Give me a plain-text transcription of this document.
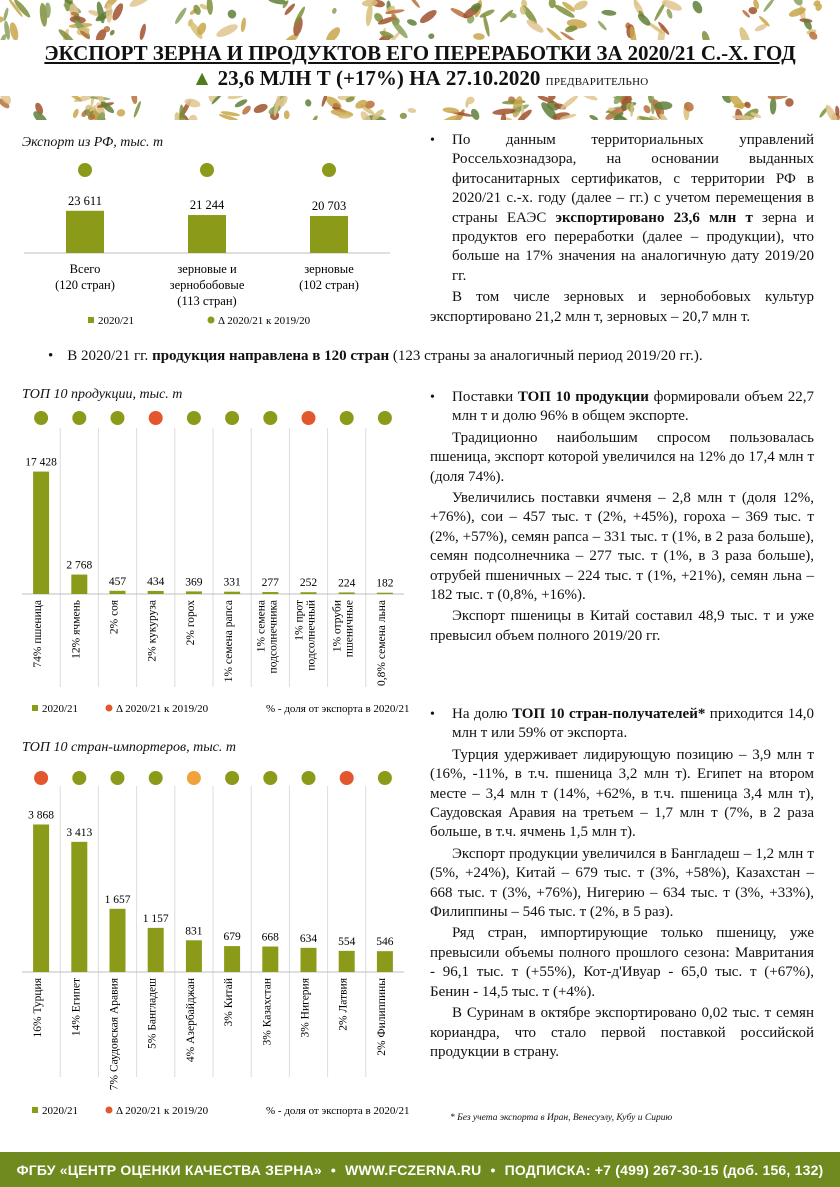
ЭКСПОРТ ЗЕРНА И ПРОДУКТОВ ЕГО ПЕРЕРАБОТКИ ЗА 2020/21 С.-Х. ГОД
▲ 23,6 МЛН Т (+17%) НА 27.10.2020 ПРЕДВАРИТЕЛЬНО
Экспорт из РФ, тыс. т
23 611
Всего
(120 стран)
21 244
зерновые и
зернобобовые
(113 стран)
20 703
зерновые
(102 стран)
2020/21	Δ 2020/21 к 2019/20

•	По данным территориальных управлений Россельхознадзора, на основании выданных фитосанитарных сертификатов, с территории РФ в 2020/21 с.-х. году (далее – гг.) с учетом перемещения в страны ЕАЭС экспортировано 23,6 млн т зерна и продуктов его переработки (далее – продукции), что больше на 17% значения на аналогичную дату 2019/20 гг.

В том числе зерновых и зернобобовых культур экспортировано 21,2 млн т, зерновых – 20,7 млн т.

• В 2020/21 гг. продукция направлена в 120 стран (123 страны за аналогичный период 2019/20 гг.).
ТОП 10 продукции, тыс. т
17 428
74% пшеница
2 768
12% ячмень
457
2% соя
434
2% кукуруза
369
2% горох
331
1% семена рапса
277
1% семена подсолнечника
252
1% прот подсолнечный
224
1% отруби пшеничные
182
0,8% семена льна
2020/21	Δ 2020/21 к 2019/20	% - доля от экспорта в 2020/21

•	Поставки ТОП 10 продукции формировали объем 22,7 млн т и долю 96% в общем экспорте.

Традиционно наибольшим спросом пользовалась пшеница, экспорт которой увеличился на 12% до 17,4 млн т (доля 74%).

Увеличились поставки ячменя – 2,8 млн т (доля 12%, +76%), сои – 457 тыс. т (2%, +45%), гороха – 369 тыс. т (2%, +57%), семян рапса – 331 тыс. т (1%, в 2 раза больше), семян подсолнечника – 277 тыс. т (1%, в 3 раза больше), отрубей пшеничных – 224 тыс. т (1%, +21%), семян льна – 182 тыс. т (0,8%, +16%).

Экспорт пшеницы в Китай составил 48,9 тыс. т и уже превысил объем полного 2019/20 гг.

ТОП 10 стран-импортеров, тыс. т
3 868
16% Турция
3 413
14% Египет
1 657
7% Саудовская Аравия
1 157
5% Бангладеш
831
4% Азербайджан
679
3% Китай
668
3% Казахстан
634
3% Нигерия
554
2% Латвия
546
2% Филиппины
2020/21	Δ 2020/21 к 2019/20	% - доля от экспорта в 2020/21

•	На долю ТОП 10 стран-получателей* приходится 14,0 млн т или 59% от экспорта.

Турция удерживает лидирующую позицию – 3,9 млн т (16%, -11%, в т.ч. пшеница 3,2 млн т). Египет на втором месте – 3,4 млн т (14%, +62%, в т.ч. пшеница 3,4 млн т), Саудовская Аравия на третьем – 1,7 млн т (7%, в 2 раза больше, в т.ч. ячмень 1,5 млн т).

Экспорт продукции увеличился в Бангладеш – 1,2 млн т (5%, +24%), Китай – 679 тыс. т (3%, +58%), Казахстан – 668 тыс. т (3%, +76%), Нигерию – 634 тыс. т (3%, +33%), Филиппины – 546 тыс. т (2%, в 5 раз).

Ряд стран, импортирующие только пшеницу, уже превысили объемы полного прошлого сезона: Мавритания - 96,1 тыс. т (+55%), Кот-д'Ивуар - 65,0 тыс. т (+67%), Бенин - 14,5 тыс. т (+4%).

В Суринам в октябре экспортировано 0,02 тыс. т семян кориандра, что стало первой поставкой российской продукции в страну.

* Без учета экспорта в Иран, Венесуэлу, Кубу и Сирию
ФГБУ «ЦЕНТР ОЦЕНКИ КАЧЕСТВА ЗЕРНА» • WWW.FCZERNA.RU • ПОДПИСКА: +7 (499) 267-30-15 (доб. 156, 132)
